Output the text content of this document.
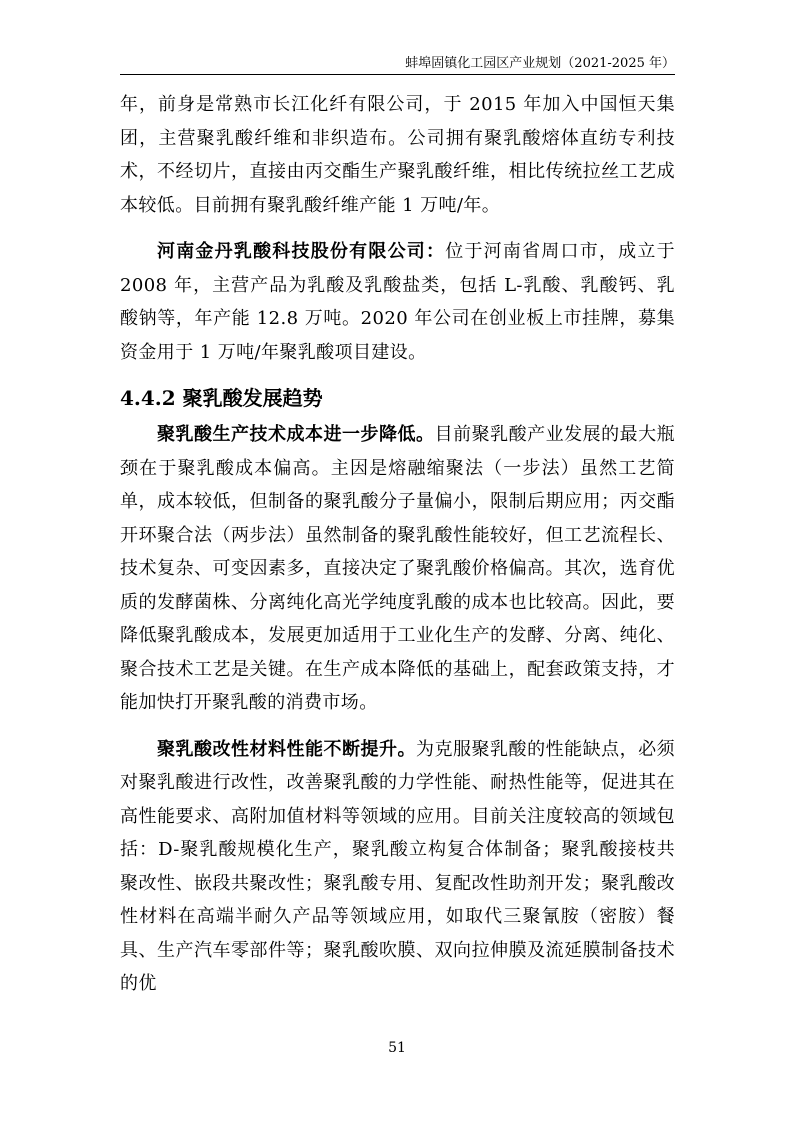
蚌埠固镇化工园区产业规划（2021-2025 年）

年，前身是常熟市长江化纤有限公司，于 2015 年加入中国恒天集团，主营聚乳酸纤维和非织造布。公司拥有聚乳酸熔体直纺专利技术，不经切片，直接由丙交酯生产聚乳酸纤维，相比传统拉丝工艺成本较低。目前拥有聚乳酸纤维产能 1 万吨/年。

河南金丹乳酸科技股份有限公司：位于河南省周口市，成立于 2008 年，主营产品为乳酸及乳酸盐类，包括 L-乳酸、乳酸钙、乳酸钠等，年产能 12.8 万吨。2020 年公司在创业板上市挂牌，募集资金用于 1 万吨/年聚乳酸项目建设。

4.4.2 聚乳酸发展趋势

聚乳酸生产技术成本进一步降低。目前聚乳酸产业发展的最大瓶颈在于聚乳酸成本偏高。主因是熔融缩聚法（一步法）虽然工艺简单，成本较低，但制备的聚乳酸分子量偏小，限制后期应用；丙交酯开环聚合法（两步法）虽然制备的聚乳酸性能较好，但工艺流程长、技术复杂、可变因素多，直接决定了聚乳酸价格偏高。其次，选育优质的发酵菌株、分离纯化高光学纯度乳酸的成本也比较高。因此，要降低聚乳酸成本，发展更加适用于工业化生产的发酵、分离、纯化、聚合技术工艺是关键。在生产成本降低的基础上，配套政策支持，才能加快打开聚乳酸的消费市场。

聚乳酸改性材料性能不断提升。为克服聚乳酸的性能缺点，必须对聚乳酸进行改性，改善聚乳酸的力学性能、耐热性能等，促进其在高性能要求、高附加值材料等领域的应用。目前关注度较高的领域包括：D-聚乳酸规模化生产，聚乳酸立构复合体制备；聚乳酸接枝共聚改性、嵌段共聚改性；聚乳酸专用、复配改性助剂开发；聚乳酸改性材料在高端半耐久产品等领域应用，如取代三聚氰胺（密胺）餐具、生产汽车零部件等；聚乳酸吹膜、双向拉伸膜及流延膜制备技术的优

51
